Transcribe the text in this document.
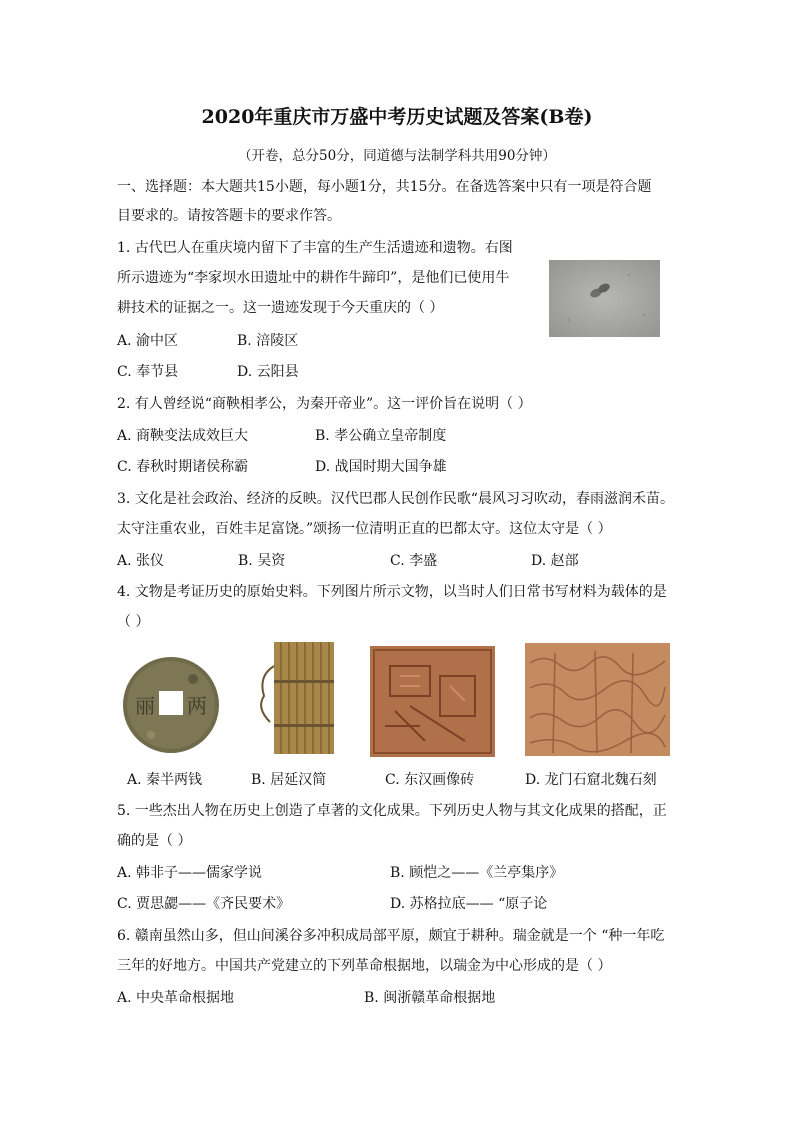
2020年重庆市万盛中考历史试题及答案(B卷)
（开卷，总分50分，同道德与法制学科共用90分钟）
一、选择题：本大题共15小题，每小题1分，共15分。在备选答案中只有一项是符合题
目要求的。请按答题卡的要求作答。
1. 古代巴人在重庆境内留下了丰富的生产生活遗迹和遗物。右图
所示遗迹为“李家坝水田遗址中的耕作牛蹄印”，是他们已使用牛
耕技术的证据之一。这一遗迹发现于今天重庆的（ ）
A. 渝中区	B. 涪陵区
C. 奉节县	D. 云阳县
2. 有人曾经说“商鞅相孝公，为秦开帝业”。这一评价旨在说明（ ）
A. 商鞅变法成效巨大	B. 孝公确立皇帝制度
C. 春秋时期诸侯称霸	D. 战国时期大国争雄
3. 文化是社会政治、经济的反映。汉代巴郡人民创作民歌“晨风习习吹动，春雨滋润禾苗。
太守注重农业，百姓丰足富饶。”颂扬一位清明正直的巴都太守。这位太守是（ ）
A. 张仪	B. 吴资	C. 李盛	D. 赵部
4. 文物是考证历史的原始史料。下列图片所示文物，以当时人们日常书写材料为载体的是
（ ）
丽 两
A. 秦半两钱	B. 居延汉简	C. 东汉画像砖	D. 龙门石窟北魏石刻
5. 一些杰出人物在历史上创造了卓著的文化成果。下列历史人物与其文化成果的搭配，正
确的是（ ）
A. 韩非子——儒家学说	B. 顾恺之——《兰亭集序》
C. 贾思勰——《齐民要术》	D. 苏格拉底—— “原子论
6. 赣南虽然山多，但山间溪谷多冲积成局部平原，颇宜于耕种。瑞金就是一个 “种一年吃
三年的好地方。中国共产党建立的下列革命根据地，以瑞金为中心形成的是（ ）
A. 中央革命根据地	B. 闽浙赣革命根据地
